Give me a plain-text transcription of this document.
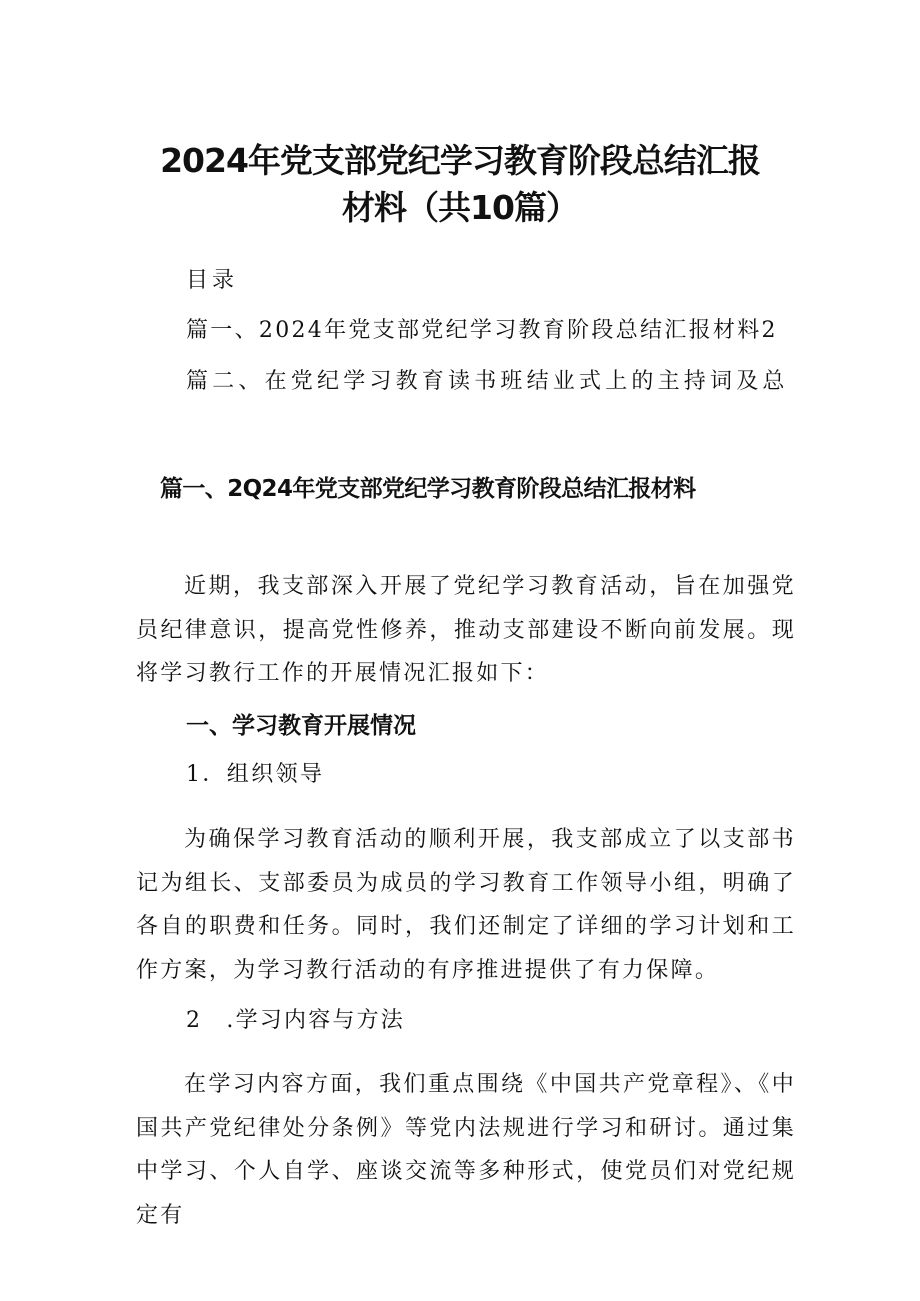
2024年党支部党纪学习教育阶段总结汇报
材料（共10篇）

目录

篇一、2024年党支部党纪学习教育阶段总结汇报材料2

篇二、在党纪学习教育读书班结业式上的主持词及总

篇一、2Q24年党支部党纪学习教育阶段总结汇报材料

近期，我支部深入开展了党纪学习教育活动，旨在加强党员纪律意识，提高党性修养，推动支部建设不断向前发展。现将学习教行工作的开展情况汇报如下：

一、学习教育开展情况

1．组织领导

为确保学习教育活动的顺利开展，我支部成立了以支部书记为组长、支部委员为成员的学习教育工作领导小组，明确了各自的职费和任务。同时，我们还制定了详细的学习计划和工作方案，为学习教行活动的有序推进提供了有力保障。

2　.学习内容与方法

在学习内容方面，我们重点围绕《中国共产党章程》、《中国共产党纪律处分条例》等党内法规进行学习和研讨。通过集中学习、个人自学、座谈交流等多种形式，使党员们对党纪规定有
